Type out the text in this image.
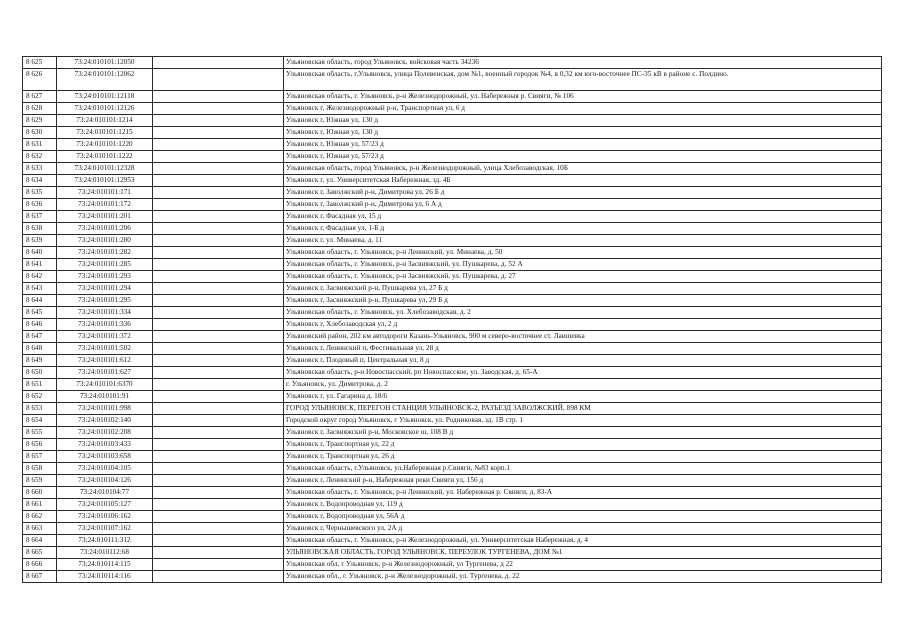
8 625	73:24:010101:12050		Ульяновская область, город Ульяновск, войсковая часть 34236
8 626	73:24:010101:12062		Ульяновская область, г.Ульяновск, улица Полевенская, дом №1, военный городок №4, в 0,32 км юго-восточнее ПС-35 кВ в районе с. Полдино.
8 627	73:24:010101:12118		Ульяновская область, г. Ульяновск, р-н Железнодорожный, ул. Набережная р. Свияги, № 106
8 628	73:24:010101:12126		Ульяновск г, Железнодорожный р-н, Транспортная ул, 6 д
8 629	73:24:010101:1214		Ульяновск г, Южная ул, 130 д
8 630	73:24:010101:1215		Ульяновск г, Южная ул, 130 д
8 631	73:24:010101:1220		Ульяновск г, Южная ул, 57/23 д
8 632	73:24:010101:1222		Ульяновск г, Южная ул, 57/23 д
8 633	73:24:010101:12328		Ульяновская область, город Ульяновск, р-н Железнодорожный, улица Хлебозаводская, 10Б
8 634	73:24:010101:12953		Ульяновск г, ул. Университетская Набережная, зд. 4Б
8 635	73:24:010101:171		Ульяновск г, Заволжский р-н, Димитрова ул, 26 Б д
8 636	73:24:010101:172		Ульяновск г, Заволжский р-н, Димитрова ул, 6 А д
8 637	73:24:010101:201		Ульяновск г, Фасадная ул, 15 д
8 638	73:24:010101:206		Ульяновск г, Фасадная ул, 1-Б д
8 639	73:24:010101:280		Ульяновск г, ул. Минаева, д. 11
8 640	73:24:010101:282		Ульяновская область, г. Ульяновск, р-н Ленинский, ул. Минаева, д. 50
8 641	73:24:010101:285		Ульяновская область, г. Ульяновск, р-н Засвияжский, ул. Пушкарева, д. 52 А
8 642	73:24:010101:293		Ульяновская область, г. Ульяновск, р-н Засвияжский, ул. Пушкарева, д. 27
8 643	73:24:010101:294		Ульяновск г, Засвияжский р-н, Пушкарева ул, 27 Б д
8 644	73:24:010101:295		Ульяновск г, Засвияжский р-н, Пушкарева ул, 29 Б д
8 645	73:24:010101:334		Ульяновская область, г. Ульяновск, ул. Хлебозаводская, д. 2
8 646	73:24:010101:336		Ульяновск г, Хлебозаводская ул, 2 д
8 647	73:24:010101:372		Ульяновский район, 202 км автодороги Казань-Ульяновск, 900 м северо-восточнее ст. Лаишевка
8 648	73:24:010101:502		Ульяновск г, Ленинский п, Фестивальная ул, 28 д
8 649	73:24:010101:612		Ульяновск г, Плодовый п, Центральная ул, 8 д
8 650	73:24:010101:627		Ульяновская область, р-н Новоспасский, рп Новоспасское, ул. Заводская, д. 65-А
8 651	73:24:010101:6370		г. Ульяновск, ул. Димитрова, д. 2
8 652	73:24:010101:91		Ульяновск г, ул. Гагарина д. 18/6
8 653	73:24:010101:998		ГОРОД УЛЬЯНОВСК, ПЕРЕГОН СТАНЦИЯ УЛЬЯНОВСК-2, РАЗЪЕЗД ЗАВОЛЖСКИЙ, 898 КМ
8 654	73:24:010102:140		Городской округ город Ульяновск, г Ульяновск, ул. Родниковая, зд. 1В стр. 1
8 655	73:24:010102:208		Ульяновск г, Засвияжский р-н, Московское ш, 108 В д
8 656	73:24:010103:433		Ульяновск г, Транспортная ул, 22 д
8 657	73:24:010103:658		Ульяновск г, Транспортная ул, 26 д
8 658	73:24:010104:105		Ульяновская область, г.Ульяновск, ул.Набережная р.Свияги, №83 корп.1
8 659	73:24:010104:126		Ульяновск г, Ленинский р-н, Набережная реки Свияги ул, 156 д
8 660	73:24:010104:77		Ульяновская область, г. Ульяновск, р-н Ленинский, ул. Набережная р. Свияги, д. 83-А
8 661	73:24:010105:127		Ульяновск г, Водопроводная ул, 119 д
8 662	73:24:010106:162		Ульяновск г, Водопроводная ул, 56А д
8 663	73:24:010107:162		Ульяновск г, Чернышевского ул, 2А д
8 664	73:24:010111:312		Ульяновская область, г. Ульяновск, р-н Железнодорожный, ул. Университетская Набережная, д. 4
8 665	73:24:010112:68		УЛЬЯНОВСКАЯ ОБЛАСТЬ, ГОРОД УЛЬЯНОВСК, ПЕРЕУЛОК ТУРГЕНЕВА, ДОМ №1
8 666	73:24:010114:115		Ульяновская обл, г Ульяновск, р-н Железнодорожный, ул Тургенева, д 22
8 667	73:24:010114:116		Ульяновская обл., г. Ульяновск, р-н Железнодорожный, ул. Тургенева, д. 22
